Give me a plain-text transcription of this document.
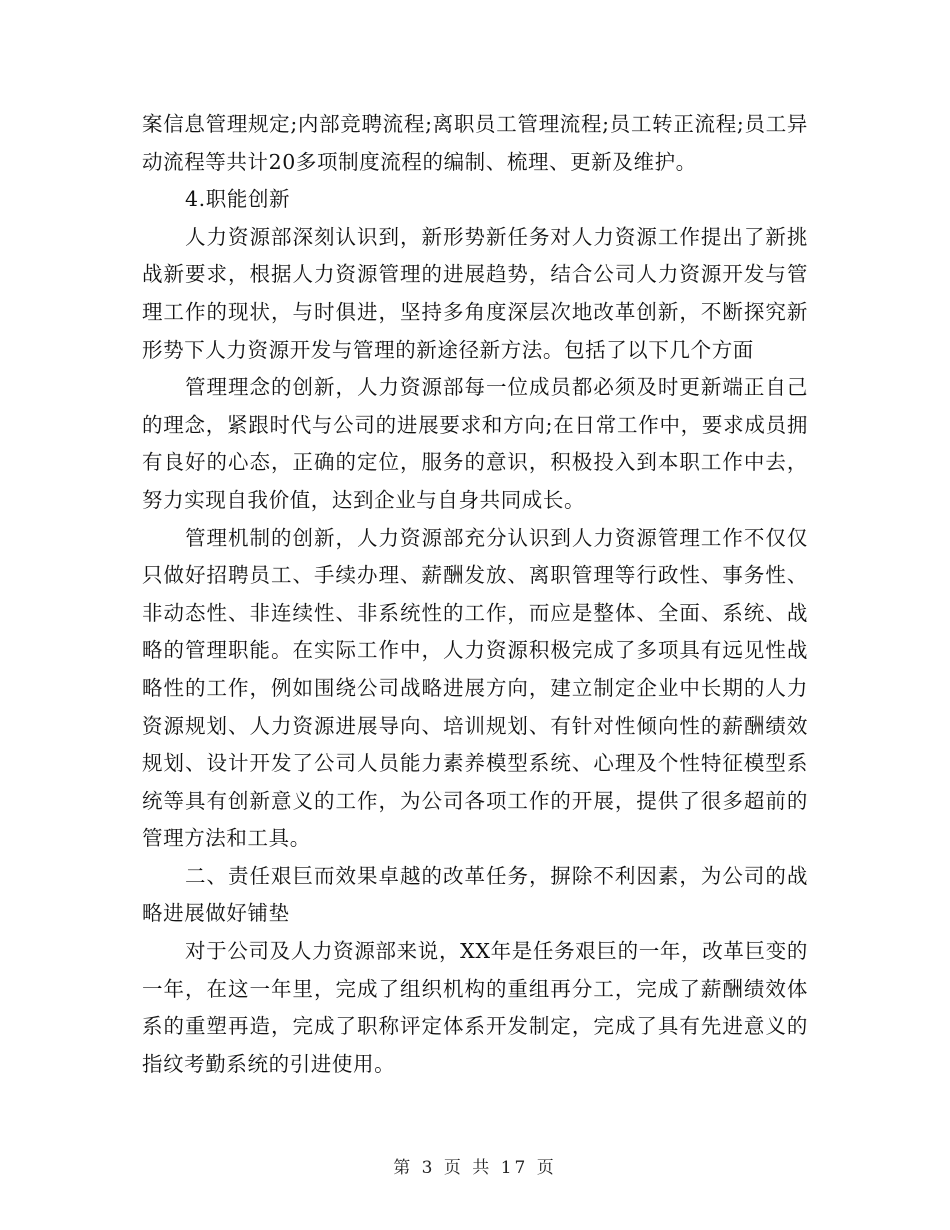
案信息管理规定;内部竞聘流程;离职员工管理流程;员工转正流程;员工异动流程等共计20多项制度流程的编制、梳理、更新及维护。

4.职能创新

人力资源部深刻认识到，新形势新任务对人力资源工作提出了新挑战新要求，根据人力资源管理的进展趋势，结合公司人力资源开发与管理工作的现状，与时俱进，坚持多角度深层次地改革创新，不断探究新形势下人力资源开发与管理的新途径新方法。包括了以下几个方面

管理理念的创新，人力资源部每一位成员都必须及时更新端正自己的理念，紧跟时代与公司的进展要求和方向;在日常工作中，要求成员拥有良好的心态，正确的定位，服务的意识，积极投入到本职工作中去，努力实现自我价值，达到企业与自身共同成长。

管理机制的创新，人力资源部充分认识到人力资源管理工作不仅仅只做好招聘员工、手续办理、薪酬发放、离职管理等行政性、事务性、非动态性、非连续性、非系统性的工作，而应是整体、全面、系统、战略的管理职能。在实际工作中，人力资源积极完成了多项具有远见性战略性的工作，例如围绕公司战略进展方向，建立制定企业中长期的人力资源规划、人力资源进展导向、培训规划、有针对性倾向性的薪酬绩效规划、设计开发了公司人员能力素养模型系统、心理及个性特征模型系统等具有创新意义的工作，为公司各项工作的开展，提供了很多超前的管理方法和工具。

二、责任艰巨而效果卓越的改革任务，摒除不利因素，为公司的战略进展做好铺垫

对于公司及人力资源部来说，XX年是任务艰巨的一年，改革巨变的一年，在这一年里，完成了组织机构的重组再分工，完成了薪酬绩效体系的重塑再造，完成了职称评定体系开发制定，完成了具有先进意义的指纹考勤系统的引进使用。

第 3 页 共 17 页
